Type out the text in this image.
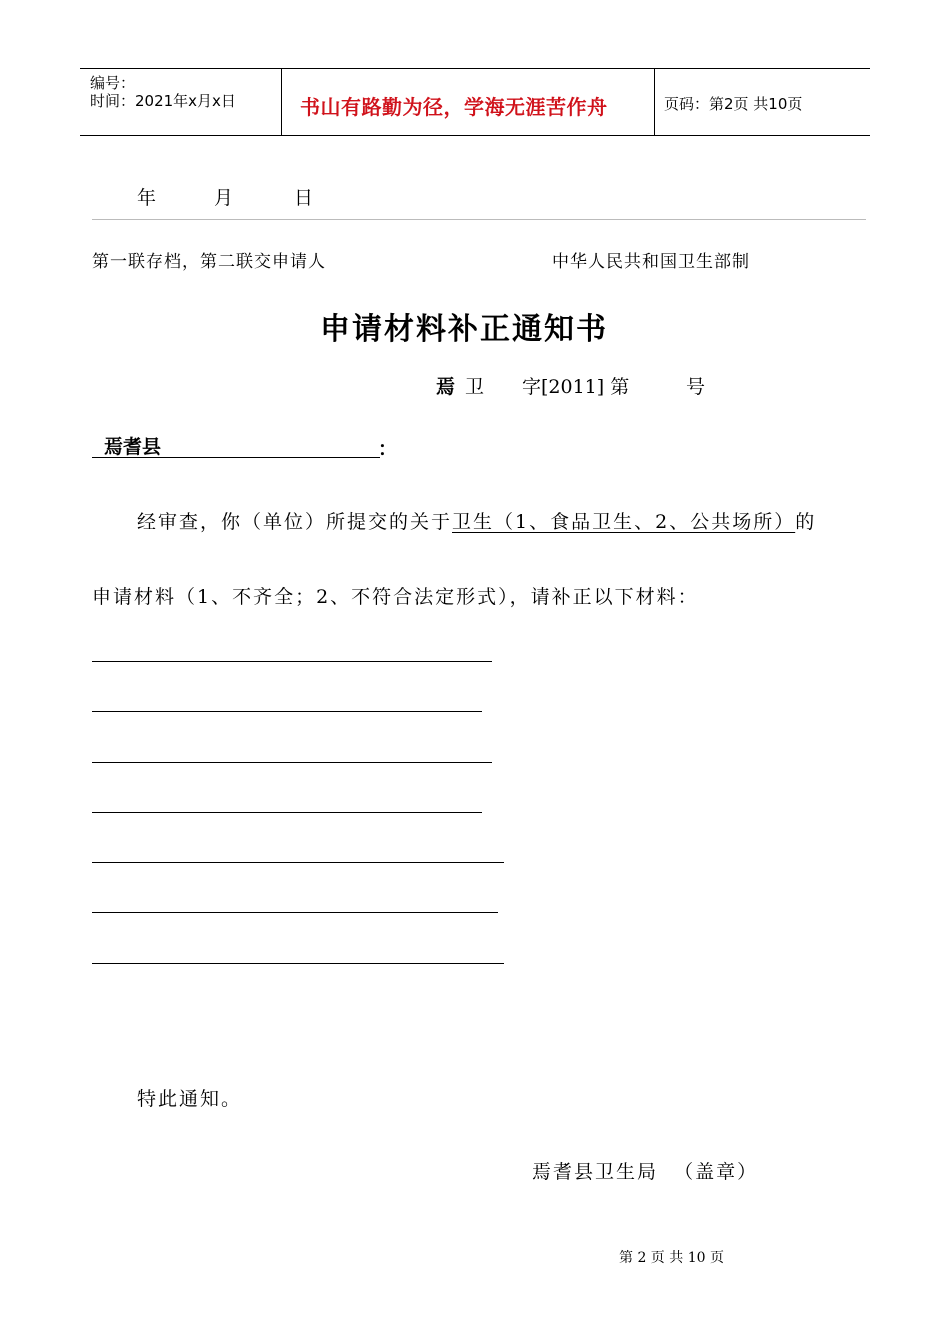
编号：
时间：2021年x月x日	书山有路勤为径，学海无涯苦作舟	页码：第2页 共10页
年	月	日
第一联存档，第二联交申请人	中华人民共和国卫生部制
申请材料补正通知书
焉 卫 字[2011] 第	号
焉耆县	：
经审查，你（单位）所提交的关于卫生（1、食品卫生、2、公共场所）的
申请材料（1、不齐全；2、不符合法定形式），请补正以下材料：
特此通知。
焉耆县卫生局  （盖章）
第 2 页 共 10 页
